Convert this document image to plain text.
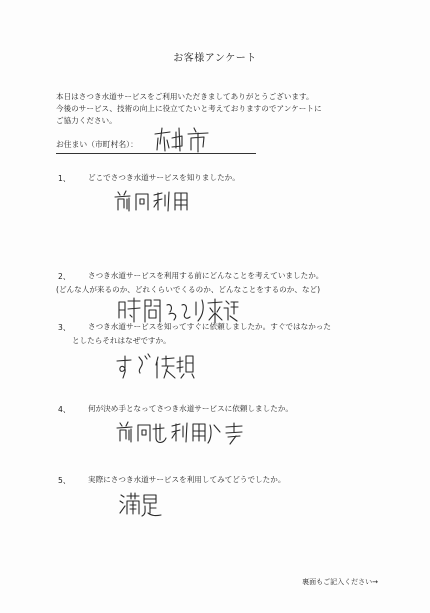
お客様アンケート
本日はさつき水道サービスをご利用いただきましてありがとうございます。
今後のサービス、技術の向上に役立てたいと考えておりますのでアンケートに
ご協力ください。
お住まい（市町村名）：
1、 どこでさつき水道サービスを知りましたか。
2、 さつき水道サービスを利用する前にどんなことを考えていましたか。
(どんな人が来るのか、どれくらいでくるのか、どんなことをするのか、など)
3、 さつき水道サービスを知ってすぐに依頼しましたか。すぐではなかった
としたらそれはなぜですか。
4、 何が決め手となってさつき水道サービスに依頼しましたか。
5、 実際にさつき水道サービスを利用してみてどうでしたか。
裏面もご記入ください→
